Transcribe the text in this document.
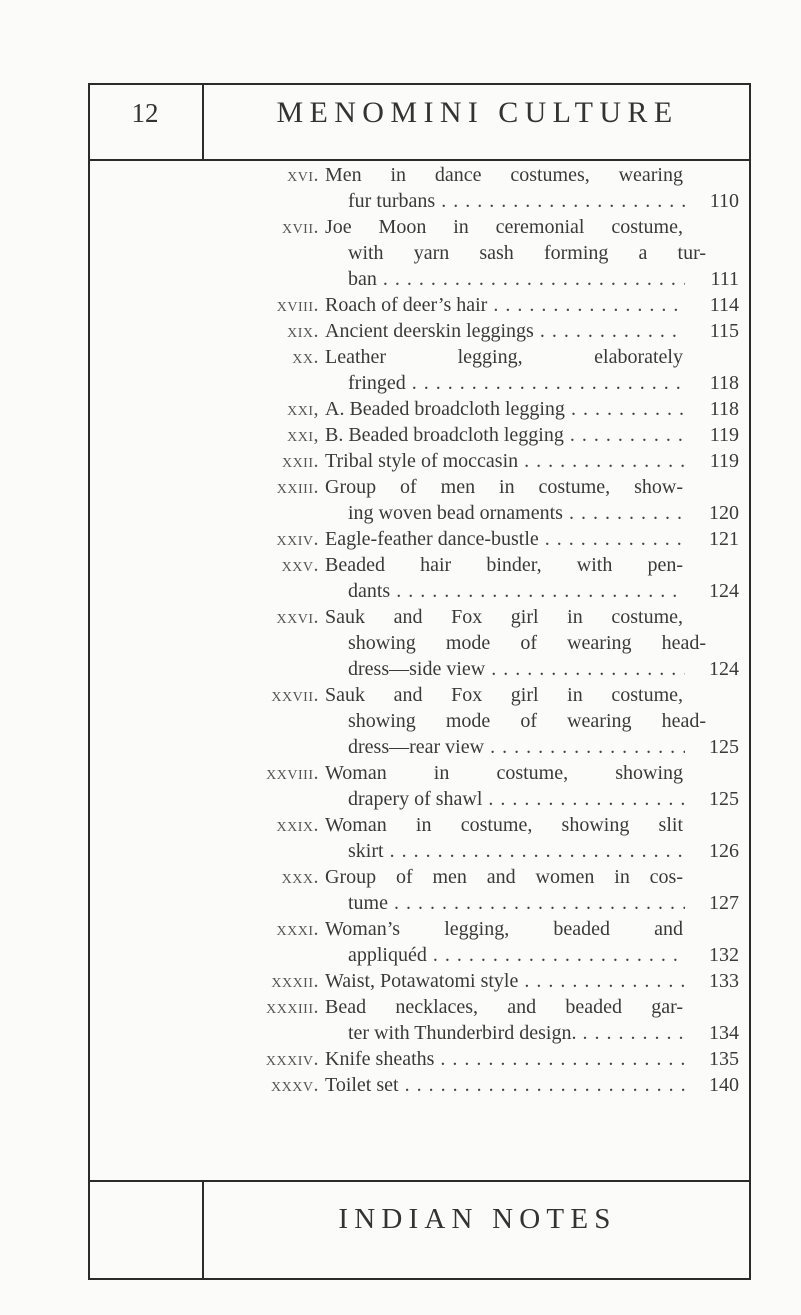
12	MENOMINI CULTURE
xvi. Men in dance costumes, wearing
fur turbans . . .	110
xvii. Joe Moon in ceremonial costume,
with yarn sash forming a tur-
ban . . .	111
xviii. Roach of deer’s hair . . .	114
xix. Ancient deerskin leggings . . .	115
xx. Leather legging, elaborately
fringed . . .	118
xxi, A. Beaded broadcloth legging . . .	118
xxi, B. Beaded broadcloth legging . . .	119
xxii. Tribal style of moccasin . . .	119
xxiii. Group of men in costume, show-
ing woven bead ornaments . . .	120
xxiv. Eagle-feather dance-bustle . . .	121
xxv. Beaded hair binder, with pen-
dants . . .	124
xxvi. Sauk and Fox girl in costume,
showing mode of wearing head-
dress—side view . . .	124
xxvii. Sauk and Fox girl in costume,
showing mode of wearing head-
dress—rear view . . .	125
xxviii. Woman in costume, showing
drapery of shawl . . .	125
xxix. Woman in costume, showing slit
skirt . . .	126
xxx. Group of men and women in cos-
tume . . .	127
xxxi. Woman’s legging, beaded and
appliquéd . . .	132
xxxii. Waist, Potawatomi style . . .	133
xxxiii. Bead necklaces, and beaded gar-
ter with Thunderbird design. . . .	134
xxxiv. Knife sheaths . . .	135
xxxv. Toilet set . . .	140
INDIAN NOTES
